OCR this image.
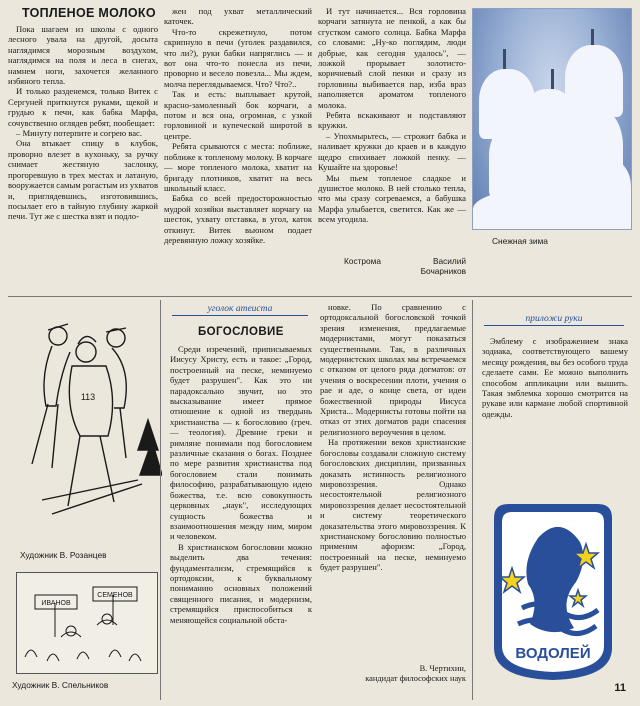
ТОПЛЕНОЕ МОЛОКО

Пока шагаем из школы с одного лесного увала на другой, досыта наглядимся морозным воздухом, наглядимся на поля и леса в снегах, намнем ноги, захочется желанного избяного тепла.

И только разденемся, только Витек с Сергуней приткнутся руками, щекой и грудью к печи, как бабка Марфа, сочувственно оглядев ребят, пообещает:

– Минуту потерпите и согрею вас.

Она втыкает спицу в клубок, проворно влезет в кухоньку, за ручку снимает жестяную заслонку, прогоревшую в трех местах и латаную, вооружается самым рогастым из ухватов и, приглядевшись, изготовившись, посылает его в тайную глубину жаркой печи. Тут же с шестка взят и подло-

жен под ухват металлический каточек.

Что-то скрежетнуло, потом скрипнуло в печи (уголек раздавился, что ли?), руки бабки напряглись — и вот она что-то понесла из печи, проворно и весело повезла... Мы ждем, молча переглядываемся. Что? Что?..

Так и есть: выплывает крутой, красно-замоленный бок корчаги, а потом и вся она, огромная, с узкой горловиной и купеческой широтой в центре.

Ребята срываются с места: поближе, поближе к топленому молоку. В корчаге — море топленого молока, хватит на бригаду плотников, хватит на весь школьный класс.

Бабка со всей предосторожностью мудрой хозяйки выставляет корчагу на шесток, ухвату отставка, в угол, каток откинут. Витек вьюном подает деревянную ложку хозяйке.

И тут начинается... Вся горловина корчаги затянута не пенкой, а как бы сгустком самого солнца. Бабка Марфа со словами: „Ну-ко поглядим, люди добрые, как сегодня удалось", — ложкой прорывает золотисто-коричневый слой пенки и сразу из горловины выбивается пар, изба враз наполняется ароматом топленого молока.

Ребята вскакивают и подставляют кружки.

– Упохмырьтесь, — строжит бабка и наливает кружки до краев и в каждую щедро спихивает ложкой пенку. — Кушайте на здоровье!

Мы пьем топленое сладкое и душистое молоко. В ней столько тепла, что мы сразу согреваемся, а бабушка Марфа улыбается, светится. Как же — всем угодила.

Кострома	Василий Бочарников
Снежная зима
113
Художник В. Розанцев
ИВАНОВ
СЕМЕНОВ
Художник В. Спельников
уголок атеиста
БОГОСЛОВИЕ

Среди изречений, приписываемых Иисусу Христу, есть и такое: „Город, построенный на песке, неминуемо будет разрушен". Как это ни парадоксально звучит, но это высказывание имеет прямое отношение к одной из твердынь христианства — к богословию (греч. — теология). Древние греки и римляне понимали под богословием различные сказания о богах. Позднее по мере развития христианства под богословием стали понимать философию, разрабатывающую идею божества, т.е. всю совокупность церковных „наук", исследующих сущность божества и взаимоотношения между ним, миром и человеком.

В христианском богословии можно выделить два течения: фундаментализм, стремящийся к ортодоксии, к буквальному пониманию основных положений священного писания, и модернизм, стремящийся приспособиться к меняющейся социальной обста-

новке. По сравнению с ортодоксальной богословской точкой зрения изменения, предлагаемые модернистами, могут показаться существенными. Так, в различных модернистских школах мы встречаемся с отказом от целого ряда догматов: от учения о воскресении плоти, учения о рае и аде, о конце света, от идеи божественной природы Иисуса Христа... Модернисты готовы пойти на отказ от этих догматов ради спасения религиозного вероучения в целом.

На протяжении веков христианские богословы создавали сложную систему богословских дисциплин, призванных доказать истинность религиозного мировоззрения. Однако несостоятельной религиозного мировоззрения делает несостоятельной и систему теоретического доказательства этого мировоззрения. К христианскому богословию полностью применим афоризм: „Город, построенный на песке, неминуемо будет разрушен".

В. Чертихин,
кандидат философских наук
приложи руки

Эмблему с изображением знака зодиака, соответствующего вашему месяцу рождения, вы без особого труда сделаете сами. Ее можно выполнить способом аппликации или вышить. Такая эмблемка хорошо смотрится на рукаве или кармане любой спортивной одежды.

ВОДОЛЕЙ
11
